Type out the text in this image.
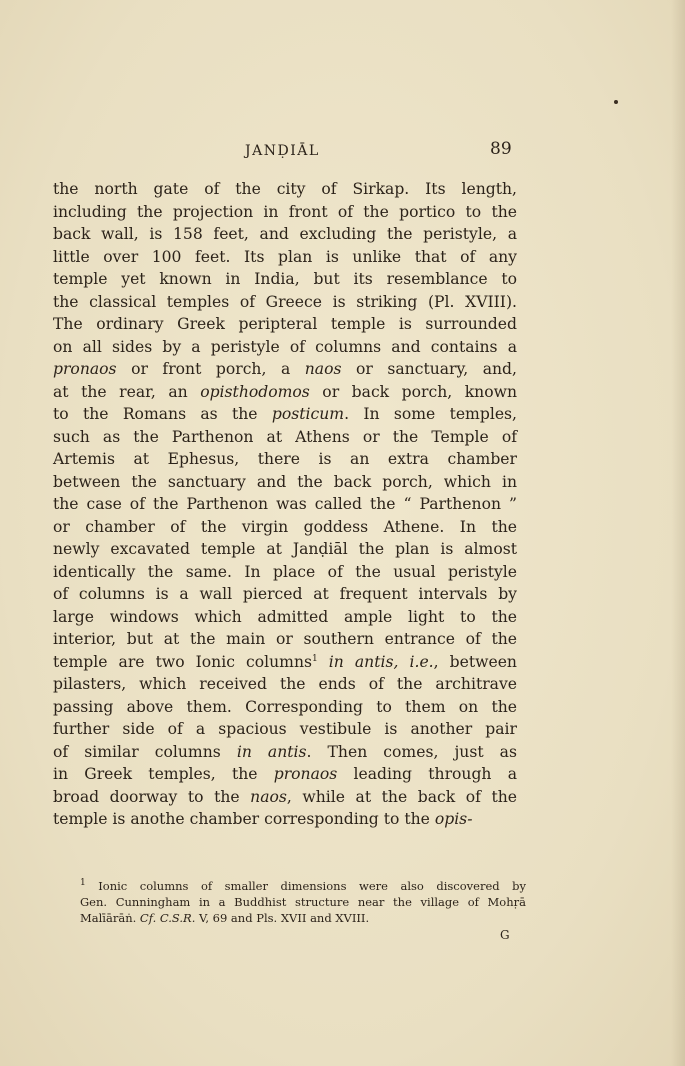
JANḌIĀL	89
the north gate of the city of Sirkap. Its length,
including the projection in front of the portico to the
back wall, is 158 feet, and excluding the peristyle, a
little over 100 feet. Its plan is unlike that of any
temple yet known in India, but its resemblance to
the classical temples of Greece is striking (Pl. XVIII).
The ordinary Greek peripteral temple is surrounded
on all sides by a peristyle of columns and contains a
pronaos or front porch, a naos or sanctuary, and,
at the rear, an opisthodomos or back porch, known
to the Romans as the posticum. In some temples,
such as the Parthenon at Athens or the Temple of
Artemis at Ephesus, there is an extra chamber
between the sanctuary and the back porch, which in
the case of the Parthenon was called the “ Parthenon ”
or chamber of the virgin goddess Athene. In the
newly excavated temple at Janḍiāl the plan is almost
identically the same. In place of the usual peristyle
of columns is a wall pierced at frequent intervals by
large windows which admitted ample light to the
interior, but at the main or southern entrance of the
temple are two Ionic columns$^1$ in antis, i.e., between
pilasters, which received the ends of the architrave
passing above them. Corresponding to them on the
further side of a spacious vestibule is another pair
of similar columns in antis. Then comes, just as
in Greek temples, the pronaos leading through a
broad doorway to the naos, while at the back of the
temple is anothe chamber corresponding to the opis-
$^1$ Ionic columns of smaller dimensions were also discovered by
Gen. Cunningham in a Buddhist structure near the village of Mohṛā
Malīārāṅ. Cf. C.S.R. V, 69 and Pls. XVII and XVIII.
G
